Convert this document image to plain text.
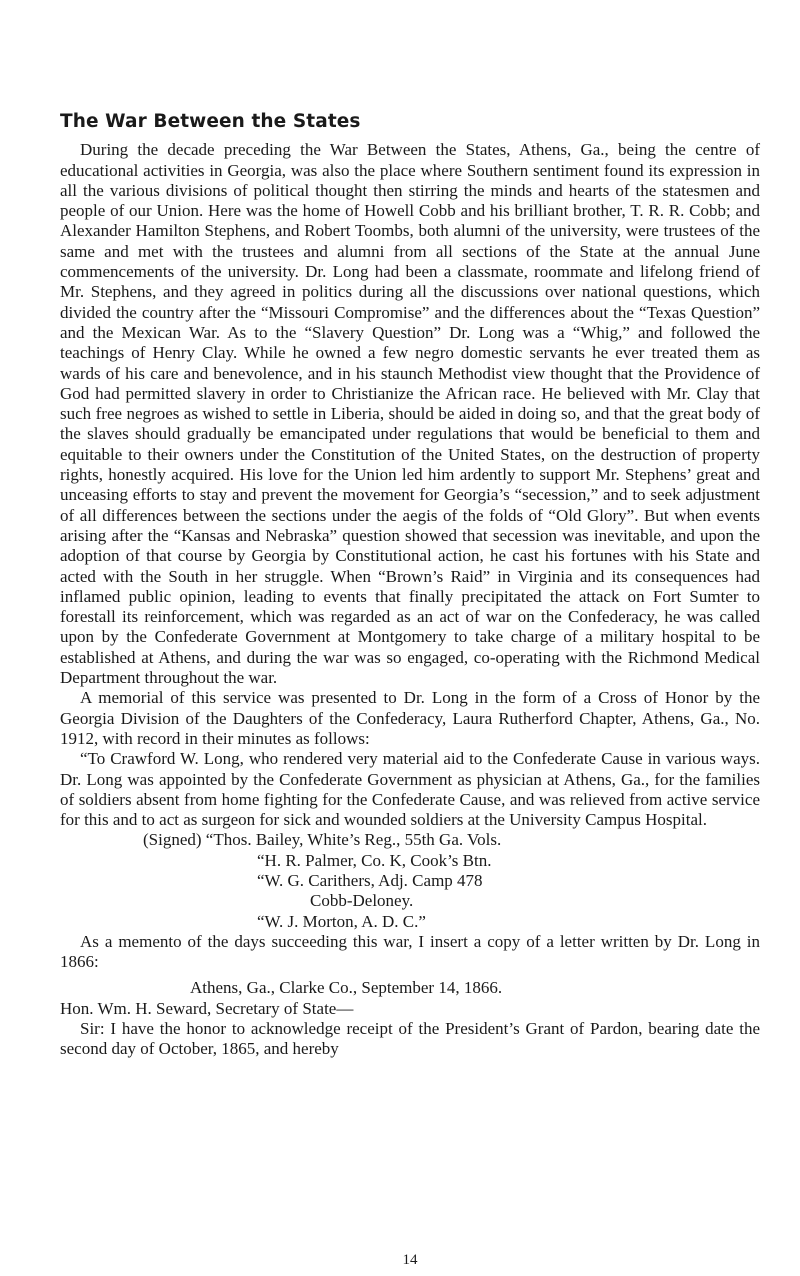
The War Between the States

During the decade preceding the War Between the States, Athens, Ga., being the centre of educational activities in Georgia, was also the place where Southern sentiment found its expression in all the various divisions of political thought then stirring the minds and hearts of the statesmen and people of our Union. Here was the home of Howell Cobb and his brilliant brother, T. R. R. Cobb; and Alexander Hamilton Stephens, and Robert Toombs, both alumni of the university, were trustees of the same and met with the trustees and alumni from all sections of the State at the annual June commencements of the university. Dr. Long had been a classmate, roommate and lifelong friend of Mr. Stephens, and they agreed in politics during all the discussions over national questions, which divided the country after the “Missouri Compromise” and the differences about the “Texas Question” and the Mexican War. As to the “Slavery Question” Dr. Long was a “Whig,” and followed the teachings of Henry Clay. While he owned a few negro domestic servants he ever treated them as wards of his care and benevolence, and in his staunch Methodist view thought that the Providence of God had permitted slavery in order to Christianize the African race. He believed with Mr. Clay that such free negroes as wished to settle in Liberia, should be aided in doing so, and that the great body of the slaves should gradually be emancipated under regulations that would be beneficial to them and equitable to their owners under the Constitution of the United States, on the destruction of property rights, honestly acquired. His love for the Union led him ardently to support Mr. Stephens’ great and unceasing efforts to stay and prevent the movement for Georgia’s “secession,” and to seek adjustment of all differences between the sections under the aegis of the folds of “Old Glory”. But when events arising after the “Kansas and Nebraska” question showed that secession was inevitable, and upon the adoption of that course by Georgia by Constitutional action, he cast his fortunes with his State and acted with the South in her struggle. When “Brown’s Raid” in Virginia and its consequences had inflamed public opinion, leading to events that finally precipitated the attack on Fort Sumter to forestall its reinforcement, which was regarded as an act of war on the Confederacy, he was called upon by the Confederate Government at Montgomery to take charge of a military hospital to be established at Athens, and during the war was so engaged, co-operating with the Richmond Medical Department throughout the war.

A memorial of this service was presented to Dr. Long in the form of a Cross of Honor by the Georgia Division of the Daughters of the Confederacy, Laura Rutherford Chapter, Athens, Ga., No. 1912, with record in their minutes as follows:

“To Crawford W. Long, who rendered very material aid to the Confederate Cause in various ways. Dr. Long was appointed by the Confederate Government as physician at Athens, Ga., for the families of soldiers absent from home fighting for the Confederate Cause, and was relieved from active service for this and to act as surgeon for sick and wounded soldiers at the University Campus Hospital.

(Signed) “Thos. Bailey, White’s Reg., 55th Ga. Vols.
“H. R. Palmer, Co. K, Cook’s Btn.
“W. G. Carithers, Adj. Camp 478
Cobb-Deloney.
“W. J. Morton, A. D. C.”

As a memento of the days succeeding this war, I insert a copy of a letter written by Dr. Long in 1866:

Athens, Ga., Clarke Co., September 14, 1866.

Hon. Wm. H. Seward, Secretary of State—

Sir: I have the honor to acknowledge receipt of the President’s Grant of Pardon, bearing date the second day of October, 1865, and hereby

14
